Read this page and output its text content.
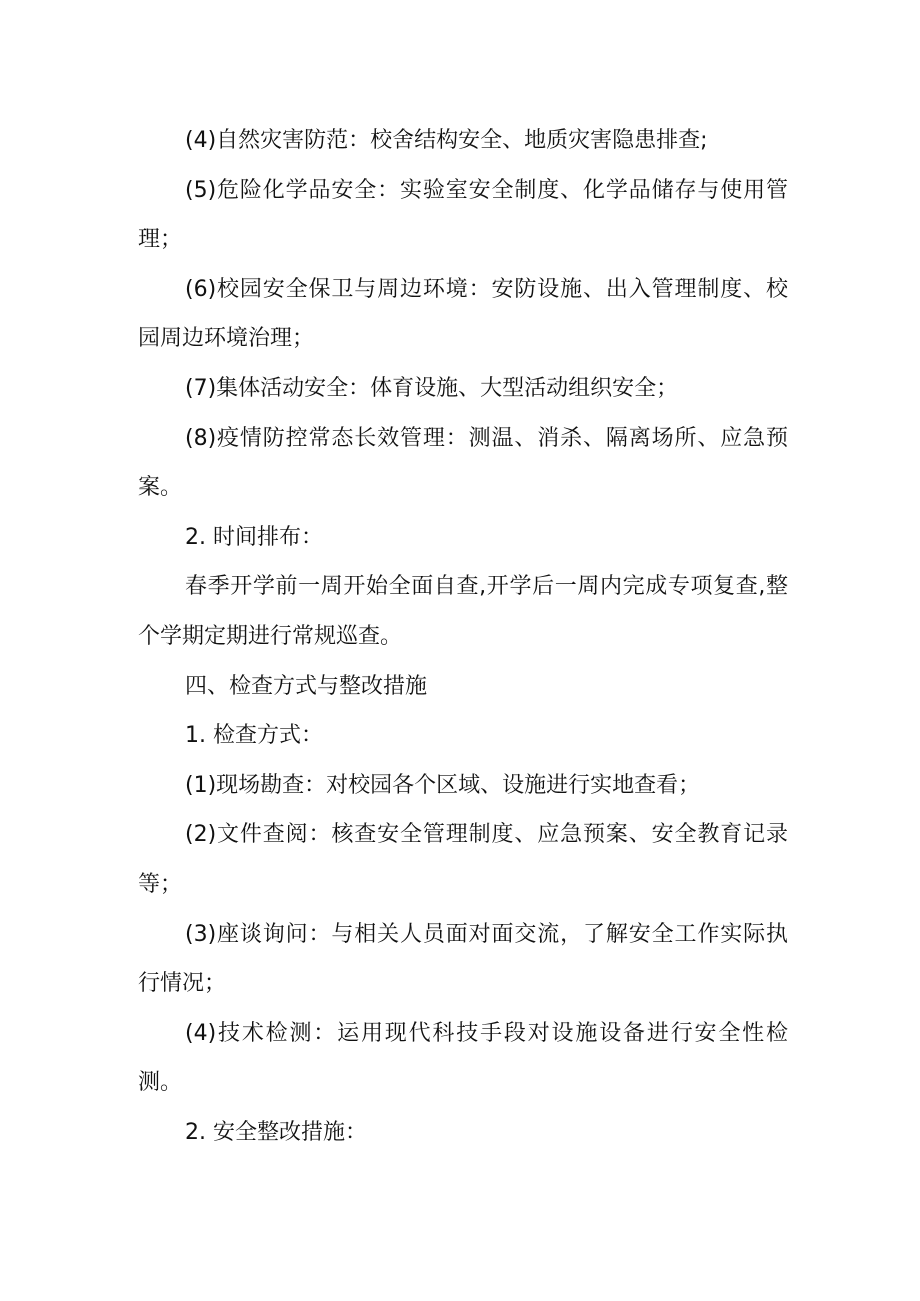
(4)自然灾害防范：校舍结构安全、地质灾害隐患排查;

(5)危险化学品安全：实验室安全制度、化学品储存与使用管理；

(6)校园安全保卫与周边环境：安防设施、出入管理制度、校园周边环境治理；

(7)集体活动安全：体育设施、大型活动组织安全；

(8)疫情防控常态长效管理：测温、消杀、隔离场所、应急预案。

2. 时间排布：

春季开学前一周开始全面自查,开学后一周内完成专项复查,整个学期定期进行常规巡查。

四、检查方式与整改措施

1. 检查方式：

(1)现场勘查：对校园各个区域、设施进行实地查看；

(2)文件查阅：核查安全管理制度、应急预案、安全教育记录等；

(3)座谈询问：与相关人员面对面交流，了解安全工作实际执行情况；

(4)技术检测：运用现代科技手段对设施设备进行安全性检测。

2. 安全整改措施：
